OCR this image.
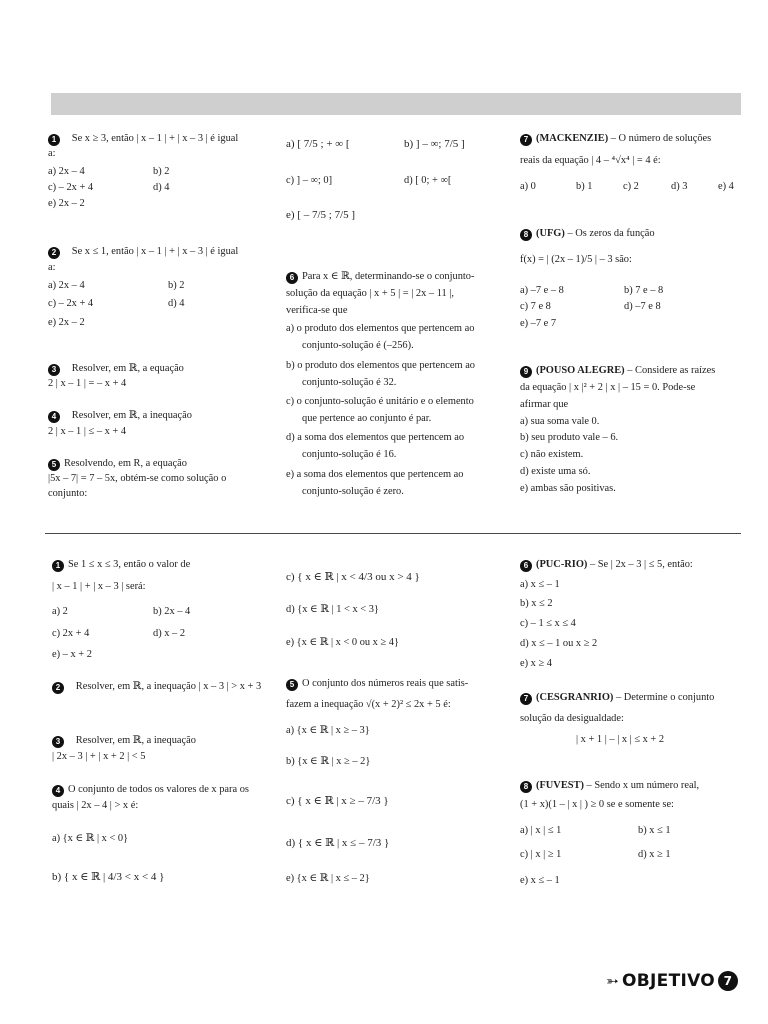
1 Se x ≥ 3, então | x – 1 | + | x – 3 | é igual
a:
a) 2x – 4	b) 2
c) – 2x + 4	d) 4
e) 2x – 2
2 Se x ≤ 1, então | x – 1 | + | x – 3 | é igual
a:
a) 2x – 4	b) 2
c) – 2x + 4	d) 4
e) 2x – 2
3 Resolver, em ℝ, a equação
2 | x – 1 | = – x + 4
4 Resolver, em ℝ, a inequação
2 | x – 1 | ≤ – x + 4
5 Resolvendo, em R, a equação
|5x – 7| = 7 – 5x, obtém-se como solução o
conjunto:
a) [ 7/5 ; + ∞ [	b) ] – ∞; 7/5 ]
c) ] – ∞; 0]	d) [ 0; + ∞[
e) [ – 7/5 ; 7/5 ]
6 Para x ∈ ℝ, determinando-se o conjunto-
solução da equação | x + 5 | = | 2x – 11 |,
verifica-se que
a) o produto dos elementos que pertencem ao
conjunto-solução é (–256).
b) o produto dos elementos que pertencem ao
conjunto-solução é 32.
c) o conjunto-solução é unitário e o elemento
que pertence ao conjunto é par.
d) a soma dos elementos que pertencem ao
conjunto-solução é 16.
e) a soma dos elementos que pertencem ao
conjunto-solução é zero.
7 (MACKENZIE) – O número de soluções
reais da equação | 4 – ⁴√x⁴ | = 4 é:
a) 0	b) 1	c) 2	d) 3	e) 4
8 (UFG) – Os zeros da função
f(x) = | (2x – 1)/5 | – 3 são:
a) –7 e – 8	b) 7 e – 8
c) 7 e 8	d) –7 e 8
e) –7 e 7
9 (POUSO ALEGRE) – Considere as raízes
da equação | x |² + 2 | x | – 15 = 0. Pode-se
afirmar que
a) sua soma vale 0.
b) seu produto vale – 6.
c) não existem.
d) existe uma só.
e) ambas são positivas.
1 Se 1 ≤ x ≤ 3, então o valor de
| x – 1 | + | x – 3 | será:
a) 2	b) 2x – 4
c) 2x + 4	d) x – 2
e) – x + 2
2 Resolver, em ℝ, a inequação | x – 3 | > x + 3
3 Resolver, em ℝ, a inequação
| 2x – 3 | + | x + 2 | < 5
4 O conjunto de todos os valores de x para os
quais | 2x – 4 | > x é:
a) {x ∈ ℝ | x < 0}
b) { x ∈ ℝ | 4/3 < x < 4 }
c) { x ∈ ℝ | x < 4/3 ou x > 4 }
d) {x ∈ ℝ | 1 < x < 3}
e) {x ∈ ℝ | x < 0 ou x ≥ 4}
5 O conjunto dos números reais que satis-
fazem a inequação √(x + 2)² ≤ 2x + 5 é:
a) {x ∈ ℝ | x ≥ – 3}
b) {x ∈ ℝ | x ≥ – 2}
c) { x ∈ ℝ | x ≥ – 7/3 }
d) { x ∈ ℝ | x ≤ – 7/3 }
e) {x ∈ ℝ | x ≤ – 2}
6 (PUC-RIO) – Se | 2x – 3 | ≤ 5, então:
a) x ≤ – 1
b) x ≤ 2
c) – 1 ≤ x ≤ 4
d) x ≤ – 1 ou x ≥ 2
e) x ≥ 4
7 (CESGRANRIO) – Determine o conjunto
solução da desigualdade:
| x + 1 | – | x | ≤ x + 2
8 (FUVEST) – Sendo x um número real,
(1 + x)(1 – | x | ) ≥ 0 se e somente se:
a) | x | ≤ 1	b) x ≤ 1
c) | x | ≥ 1	d) x ≥ 1
e) x ≤ – 1
➳ OBJETIVO 7
